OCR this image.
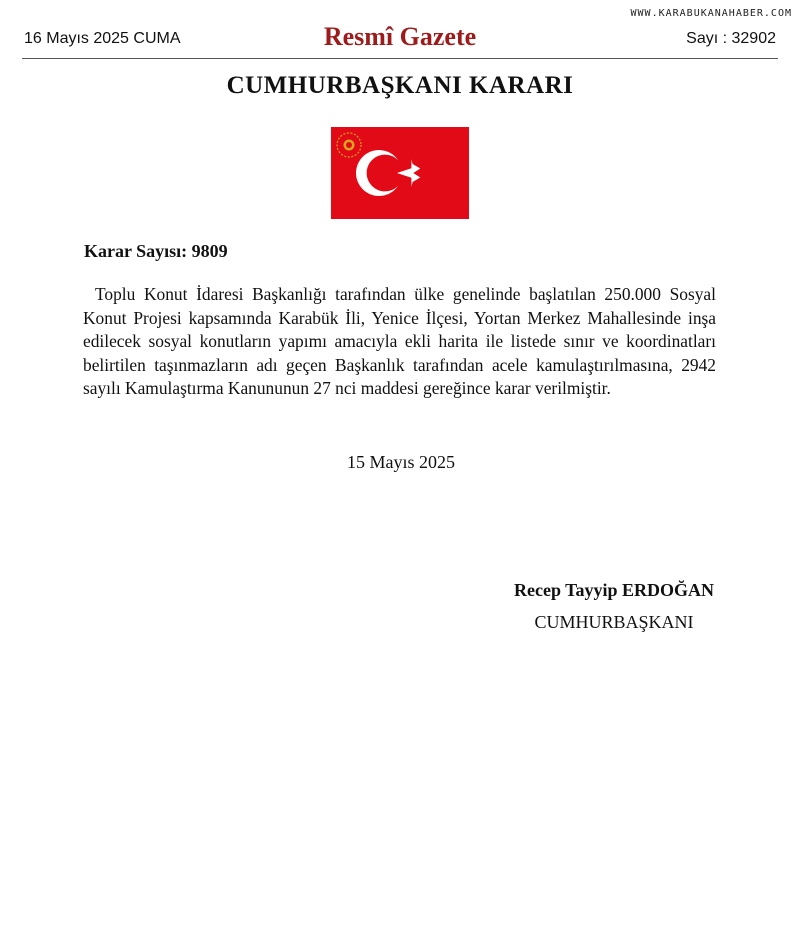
WWW.KARABUKANAHABER.COM
16 Mayıs 2025 CUMA	Resmî Gazete	Sayı : 32902
CUMHURBAŞKANI KARARI
Karar Sayısı: 9809
Toplu Konut İdaresi Başkanlığı tarafından ülke genelinde başlatılan 250.000 Sosyal Konut Projesi kapsamında Karabük İli, Yenice İlçesi, Yortan Merkez Mahallesinde inşa edilecek sosyal konutların yapımı amacıyla ekli harita ile listede sınır ve koordinatları belirtilen taşınmazların adı geçen Başkanlık tarafından acele kamulaştırılmasına, 2942 sayılı Kamulaştırma Kanununun 27 nci maddesi gereğince karar verilmiştir.
15 Mayıs 2025
Recep Tayyip ERDOĞAN
CUMHURBAŞKANI
